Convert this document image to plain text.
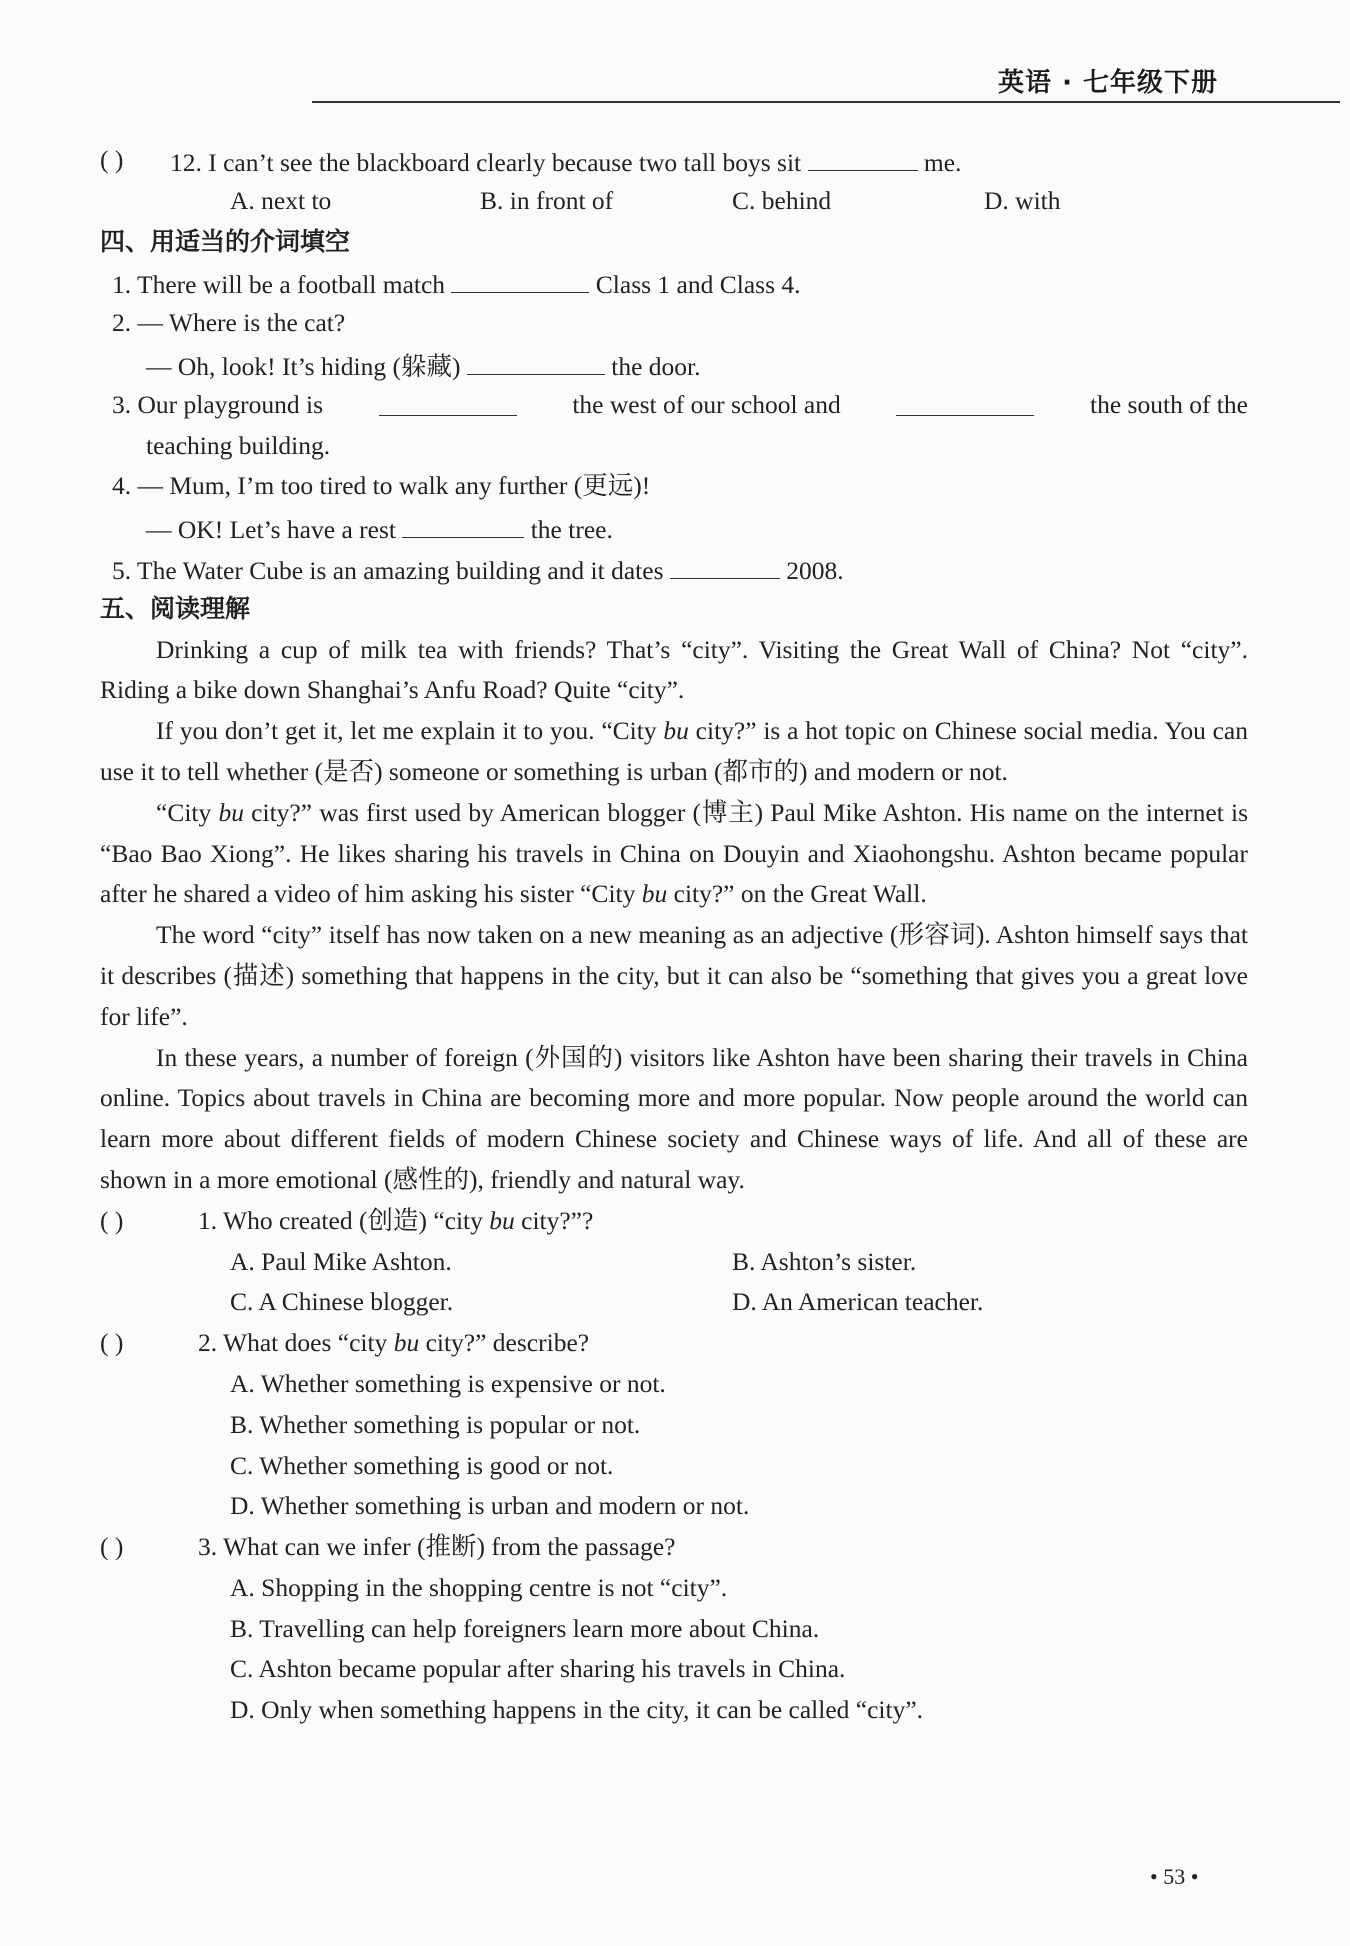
英语 · 七年级下册
( ) 12. I can’t see the blackboard clearly because two tall boys sit	me.
A. next to	B. in front of	C. behind	D. with
四、用适当的介词填空
1. There will be a football match	Class 1 and Class 4.
2. — Where is the cat?
— Oh, look! It’s hiding (躲藏)	the door.
3. Our playground is	the west of our school and	the south of the
teaching building.
4. — Mum, I’m too tired to walk any further (更远)!
— OK! Let’s have a rest	the tree.
5. The Water Cube is an amazing building and it dates	2008.
五、阅读理解

Drinking a cup of milk tea with friends? That’s “city”. Visiting the Great Wall of China? Not “city”. Riding a bike down Shanghai’s Anfu Road? Quite “city”.

If you don’t get it, let me explain it to you. “City bu city?” is a hot topic on Chinese social media. You can use it to tell whether (是否) someone or something is urban (都市的) and modern or not.

“City bu city?” was first used by American blogger (博主) Paul Mike Ashton. His name on the internet is “Bao Bao Xiong”. He likes sharing his travels in China on Douyin and Xiaohongshu. Ashton became popular after he shared a video of him asking his sister “City bu city?” on the Great Wall.

The word “city” itself has now taken on a new meaning as an adjective (形容词). Ashton himself says that it describes (描述) something that happens in the city, but it can also be “something that gives you a great love for life”.

In these years, a number of foreign (外国的) visitors like Ashton have been sharing their travels in China online. Topics about travels in China are becoming more and more popular. Now people around the world can learn more about different fields of modern Chinese society and Chinese ways of life. And all of these are shown in a more emotional (感性的), friendly and natural way.

( )	1. Who created (创造) “city bu city?”?
A. Paul Mike Ashton.	B. Ashton’s sister.
C. A Chinese blogger.	D. An American teacher.
( )	2. What does “city bu city?” describe?
A. Whether something is expensive or not.
B. Whether something is popular or not.
C. Whether something is good or not.
D. Whether something is urban and modern or not.
( )	3. What can we infer (推断) from the passage?
A. Shopping in the shopping centre is not “city”.
B. Travelling can help foreigners learn more about China.
C. Ashton became popular after sharing his travels in China.
D. Only when something happens in the city, it can be called “city”.
• 53 •
